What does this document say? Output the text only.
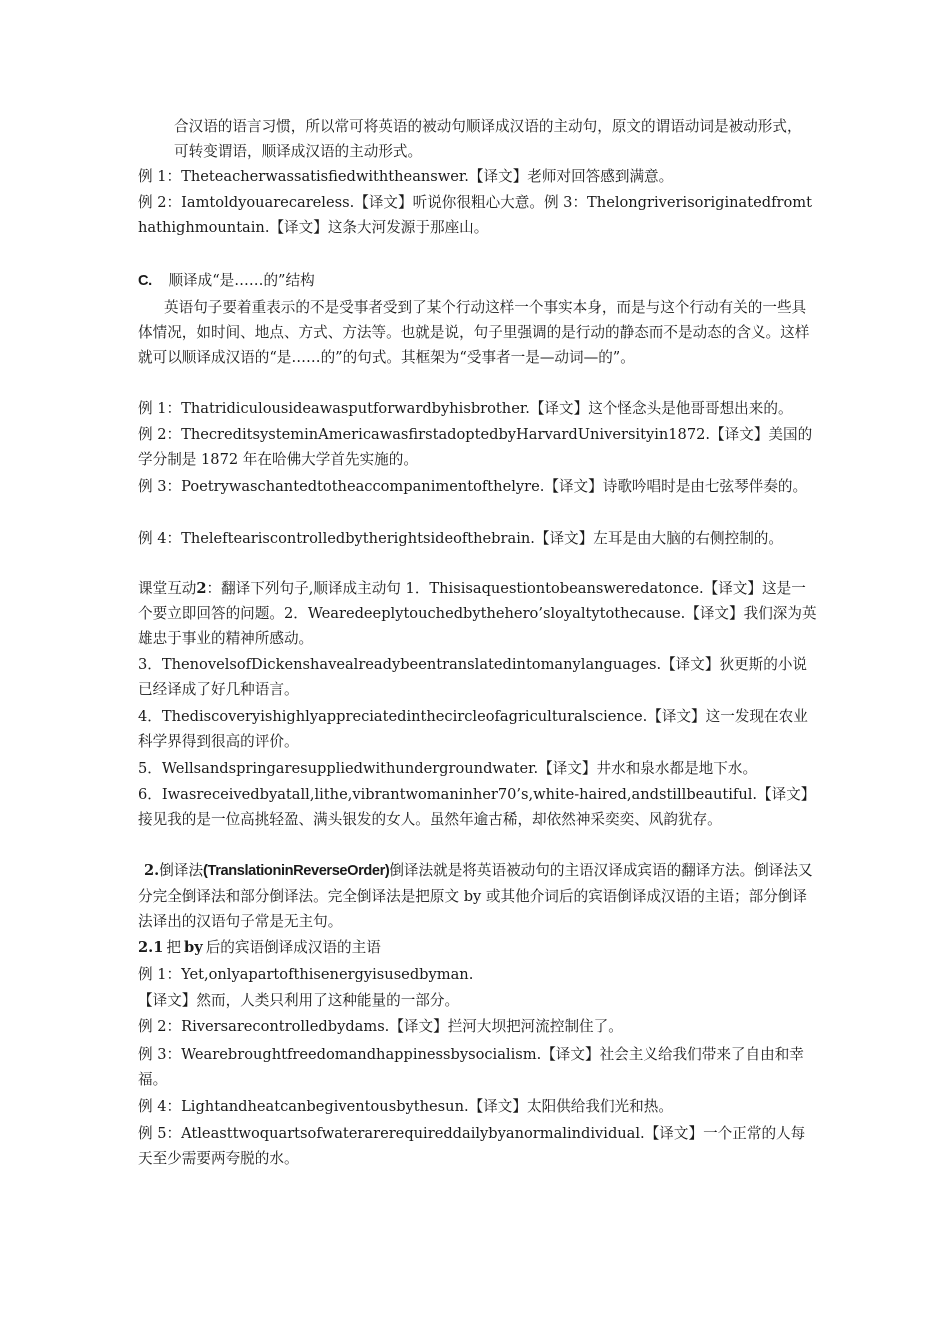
合汉语的语言习惯，所以常可将英语的被动句顺译成汉语的主动句，原文的谓语动词是被动形式，可转变谓语，顺译成汉语的主动形式。
例 1：Theteacherwassatisfiedwiththeanswer.【译文】老师对回答感到满意。
例 2：Iamtoldyouarecareless.【译文】听说你很粗心大意。例 3：Thelongriverisoriginatedfromthathighmountain.【译文】这条大河发源于那座山。
C. 顺译成“是……的”结构
英语句子要着重表示的不是受事者受到了某个行动这样一个事实本身，而是与这个行动有关的一些具体情况，如时间、地点、方式、方法等。也就是说，句子里强调的是行动的静态而不是动态的含义。这样就可以顺译成汉语的“是……的”的句式。其框架为“受事者一是—动词—的”。
例 1：Thatridiculousideawasputforwardbyhisbrother.【译文】这个怪念头是他哥哥想出来的。
例 2：ThecreditsysteminAmericawasfirstadoptedbyHarvardUniversityin1872.【译文】美国的学分制是 1872 年在哈佛大学首先实施的。
例 3：Poetrywaschantedtotheaccompanimentofthelyre.【译文】诗歌吟唱时是由七弦琴伴奏的。
例 4：Thelefteariscontrolledbytherightsideofthebrain.【译文】左耳是由大脑的右侧控制的。
课堂互动2：翻译下列句子,顺译成主动句 1．Thisisaquestiontobeansweredatonce.【译文】这是一个要立即回答的问题。2．Wearedeeplytouchedbythehero’sloyaltytothecause.【译文】我们深为英雄忠于事业的精神所感动。
3．ThenovelsofDickenshavealreadybeentranslatedintomanylanguages.【译文】狄更斯的小说已经译成了好几种语言。
4．Thediscoveryishighlyappreciatedinthecircleofagriculturalscience.【译文】这一发现在农业科学界得到很高的评价。
5．Wellsandspringaresuppliedwithundergroundwater.【译文】井水和泉水都是地下水。
6．Iwasreceivedbyatall,lithe,vibrantwomaninher70’s,white-haired,andstillbeautiful.【译文】接见我的是一位高挑轻盈、满头银发的女人。虽然年逾古稀，却依然神采奕奕、风韵犹存。
2.倒译法(TranslationinReverseOrder)倒译法就是将英语被动句的主语汉译成宾语的翻译方法。倒译法又分完全倒译法和部分倒译法。完全倒译法是把原文 by 或其他介词后的宾语倒译成汉语的主语；部分倒译法译出的汉语句子常是无主句。
2.1 把 by 后的宾语倒译成汉语的主语
例 1：Yet,onlyapartofthisenergyisusedbyman.
【译文】然而，人类只利用了这种能量的一部分。
例 2：Riversarecontrolledbydams.【译文】拦河大坝把河流控制住了。
例 3：Wearebroughtfreedomandhappinessbysocialism.【译文】社会主义给我们带来了自由和幸福。
例 4：Lightandheatcanbegiventousbythesun.【译文】太阳供给我们光和热。
例 5：Atleasttwoquartsofwaterarerequireddailybyanormalindividual.【译文】一个正常的人每天至少需要两夸脱的水。
